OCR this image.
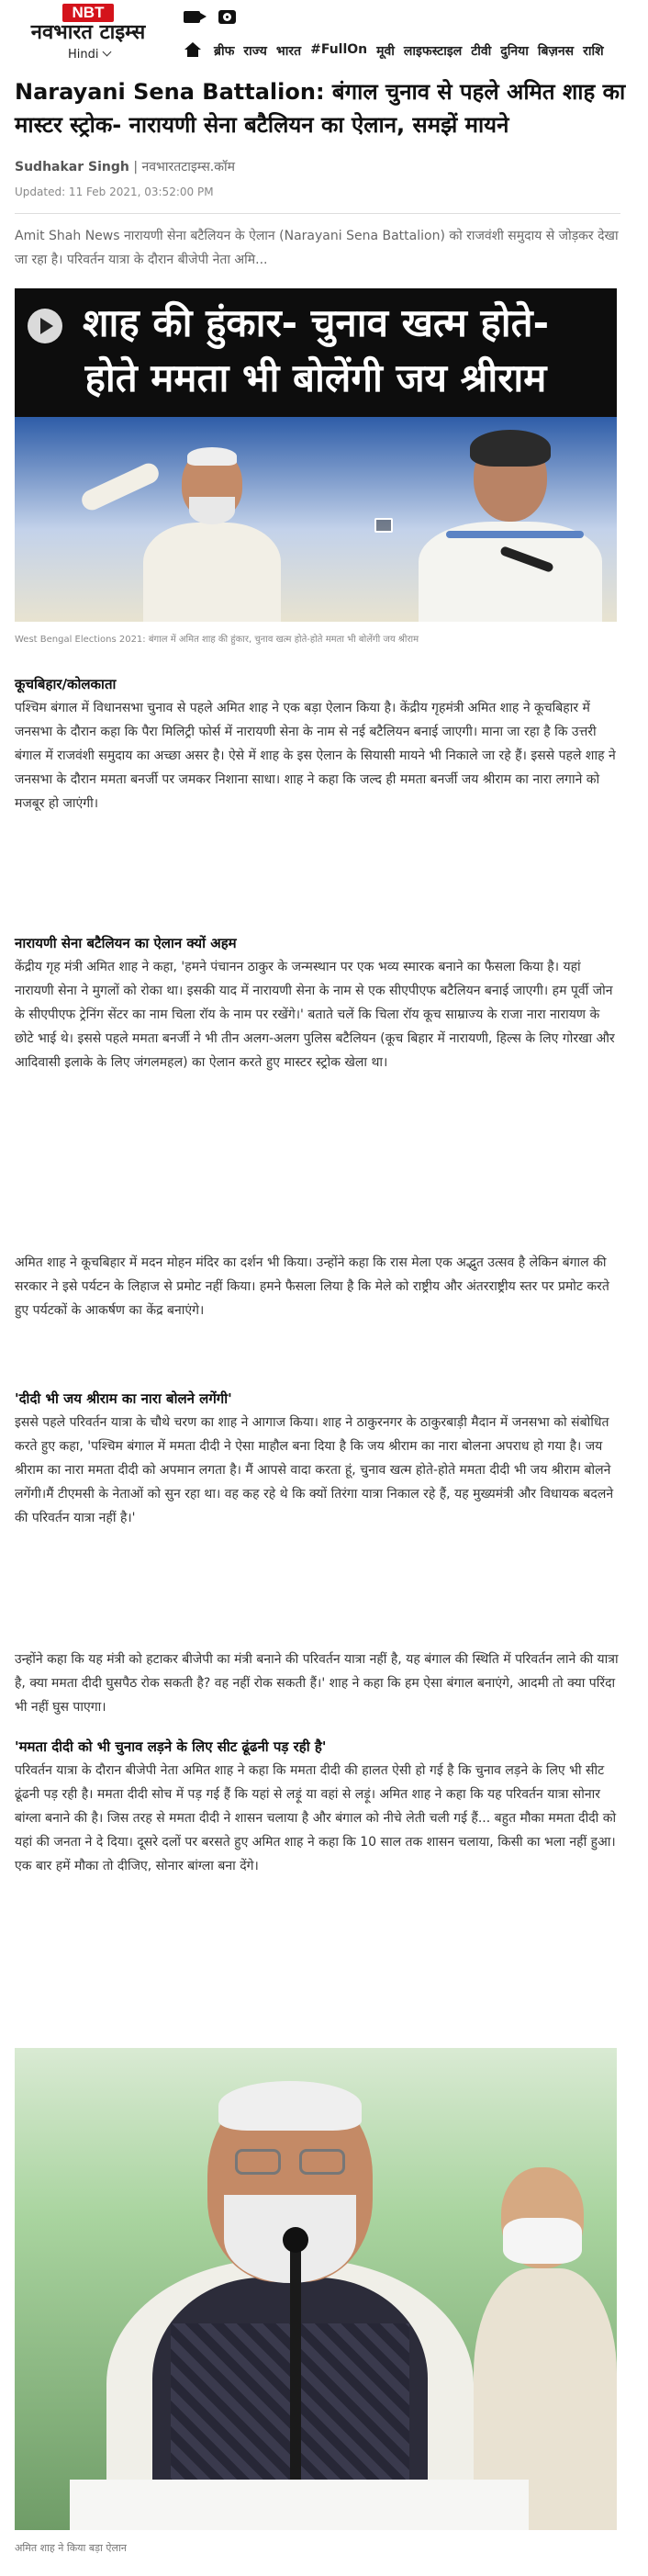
NBT
नवभारत टाइम्स
Hindi	ब्रीफ राज्य भारत #FullOn मूवी लाइफस्टाइल टीवी दुनिया बिज़नस राशि
Narayani Sena Battalion: बंगाल चुनाव से पहले अमित शाह का मास्टर स्ट्रोक- नारायणी सेना बटैलियन का ऐलान, समझें मायने
Sudhakar Singh | नवभारतटाइम्स.कॉम
Updated: 11 Feb 2021, 03:52:00 PM
Amit Shah News नारायणी सेना बटैलियन के ऐलान (Narayani Sena Battalion) को राजवंशी समुदाय से जोड़कर देखा जा रहा है। परिवर्तन यात्रा के दौरान बीजेपी नेता अमि...
शाह की हुंकार- चुनाव खत्म होते-
होते ममता भी बोलेंगी जय श्रीराम
West Bengal Elections 2021: बंगाल में अमित शाह की हुंकार, चुनाव खत्म होते-होते ममता भी बोलेंगी जय श्रीराम
कूचबिहार/कोलकाता

पश्चिम बंगाल में विधानसभा चुनाव से पहले अमित शाह ने एक बड़ा ऐलान किया है। केंद्रीय गृहमंत्री अमित शाह ने कूचबिहार में जनसभा के दौरान कहा कि पैरा मिलिट्री फोर्स में नारायणी सेना के नाम से नई बटैलियन बनाई जाएगी। माना जा रहा है कि उत्तरी बंगाल में राजवंशी समुदाय का अच्छा असर है। ऐसे में शाह के इस ऐलान के सियासी मायने भी निकाले जा रहे हैं। इससे पहले शाह ने जनसभा के दौरान ममता बनर्जी पर जमकर निशाना साधा। शाह ने कहा कि जल्द ही ममता बनर्जी जय श्रीराम का नारा लगाने को मजबूर हो जाएंगी।

नारायणी सेना बटैलियन का ऐलान क्यों अहम

केंद्रीय गृह मंत्री अमित शाह ने कहा, 'हमने पंचानन ठाकुर के जन्मस्थान पर एक भव्य स्मारक बनाने का फैसला किया है। यहां नारायणी सेना ने मुगलों को रोका था। इसकी याद में नारायणी सेना के नाम से एक सीएपीएफ बटैलियन बनाई जाएगी। हम पूर्वी जोन के सीएपीएफ ट्रेनिंग सेंटर का नाम चिला रॉय के नाम पर रखेंगे।' बताते चलें कि चिला रॉय कूच साम्राज्य के राजा नारा नारायण के छोटे भाई थे। इससे पहले ममता बनर्जी ने भी तीन अलग-अलग पुलिस बटैलियन (कूच बिहार में नारायणी, हिल्स के लिए गोरखा और आदिवासी इलाके के लिए जंगलमहल) का ऐलान करते हुए मास्टर स्ट्रोक खेला था।

अमित शाह ने कूचबिहार में मदन मोहन मंदिर का दर्शन भी किया। उन्होंने कहा कि रास मेला एक अद्भुत उत्सव है लेकिन बंगाल की सरकार ने इसे पर्यटन के लिहाज से प्रमोट नहीं किया। हमने फैसला लिया है कि मेले को राष्ट्रीय और अंतरराष्ट्रीय स्तर पर प्रमोट करते हुए पर्यटकों के आकर्षण का केंद्र बनाएंगे।

'दीदी भी जय श्रीराम का नारा बोलने लगेंगी'

इससे पहले परिवर्तन यात्रा के चौथे चरण का शाह ने आगाज किया। शाह ने ठाकुरनगर के ठाकुरबाड़ी मैदान में जनसभा को संबोधित करते हुए कहा, 'पश्चिम बंगाल में ममता दीदी ने ऐसा माहौल बना दिया है कि जय श्रीराम का नारा बोलना अपराध हो गया है। जय श्रीराम का नारा ममता दीदी को अपमान लगता है। मैं आपसे वादा करता हूं, चुनाव खत्म होते-होते ममता दीदी भी जय श्रीराम बोलने लगेंगी।मैं टीएमसी के नेताओं को सुन रहा था। वह कह रहे थे कि क्यों तिरंगा यात्रा निकाल रहे हैं, यह मुख्यमंत्री और विधायक बदलने की परिवर्तन यात्रा नहीं है।'

उन्होंने कहा कि यह मंत्री को हटाकर बीजेपी का मंत्री बनाने की परिवर्तन यात्रा नहीं है, यह बंगाल की स्थिति में परिवर्तन लाने की यात्रा है, क्या ममता दीदी घुसपैठ रोक सकती है? वह नहीं रोक सकती हैं।' शाह ने कहा कि हम ऐसा बंगाल बनाएंगे, आदमी तो क्या परिंदा भी नहीं घुस पाएगा।

'ममता दीदी को भी चुनाव लड़ने के लिए सीट ढूंढनी पड़ रही है'

परिवर्तन यात्रा के दौरान बीजेपी नेता अमित शाह ने कहा कि ममता दीदी की हालत ऐसी हो गई है कि चुनाव लड़ने के लिए भी सीट ढूंढनी पड़ रही है। ममता दीदी सोच में पड़ गई हैं कि यहां से लड़ूं या वहां से लड़ूं। अमित शाह ने कहा कि यह परिवर्तन यात्रा सोनार बांग्ला बनाने की है। जिस तरह से ममता दीदी ने शासन चलाया है और बंगाल को नीचे लेती चली गई हैं... बहुत मौका ममता दीदी को यहां की जनता ने दे दिया। दूसरे दलों पर बरसते हुए अमित शाह ने कहा कि 10 साल तक शासन चलाया, किसी का भला नहीं हुआ। एक बार हमें मौका तो दीजिए, सोनार बांग्ला बना देंगे।

अमित शाह ने किया बड़ा ऐलान
